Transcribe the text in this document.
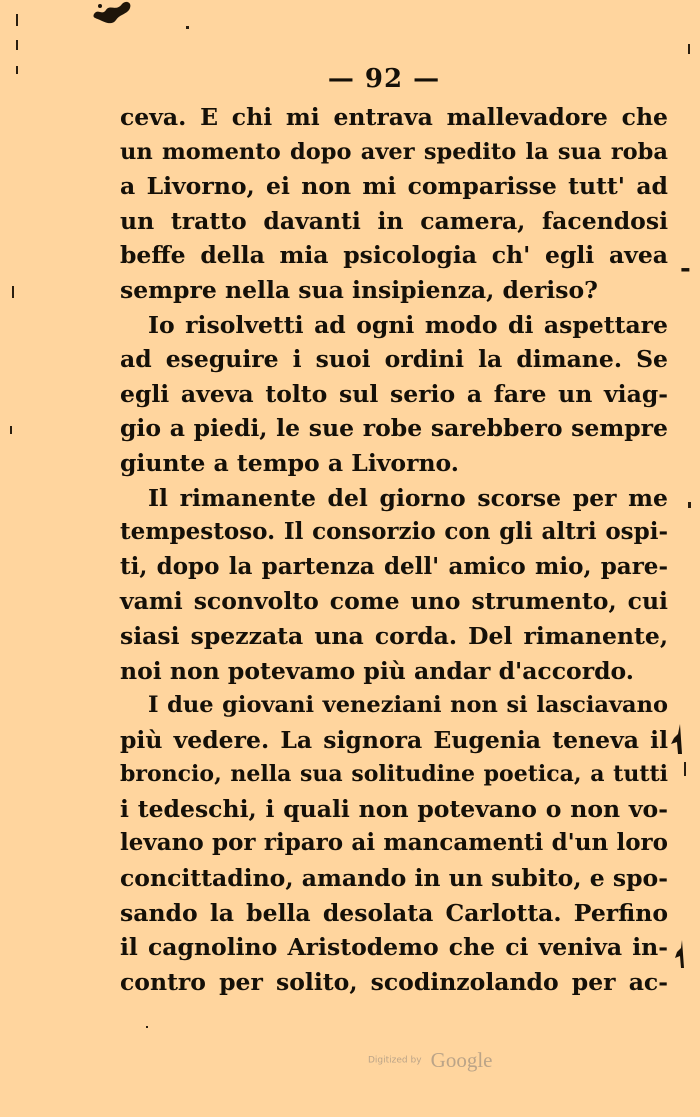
-
— 92 —
ceva. E chi mi entrava mallevadore che
un momento dopo aver spedito la sua roba
a Livorno, ei non mi comparisse tutt' ad
un tratto davanti in camera, facendosi
beffe della mia psicologia ch' egli avea
sempre nella sua insipienza, deriso?
Io risolvetti ad ogni modo di aspettare
ad eseguire i suoi ordini la dimane. Se
egli aveva tolto sul serio a fare un viag-
gio a piedi, le sue robe sarebbero sempre
giunte a tempo a Livorno.
Il rimanente del giorno scorse per me
tempestoso. Il consorzio con gli altri ospi-
ti, dopo la partenza dell' amico mio, pare-
vami sconvolto come uno strumento, cui
siasi spezzata una corda. Del rimanente,
noi non potevamo più andar d'accordo.
I due giovani veneziani non si lasciavano
più vedere. La signora Eugenia teneva il
broncio, nella sua solitudine poetica, a tutti
i tedeschi, i quali non potevano o non vo-
levano por riparo ai mancamenti d'un loro
concittadino, amando in un subito, e spo-
sando la bella desolata Carlotta. Perfino
il cagnolino Aristodemo che ci veniva in-
contro per solito, scodinzolando per ac-
Digitized by Google
